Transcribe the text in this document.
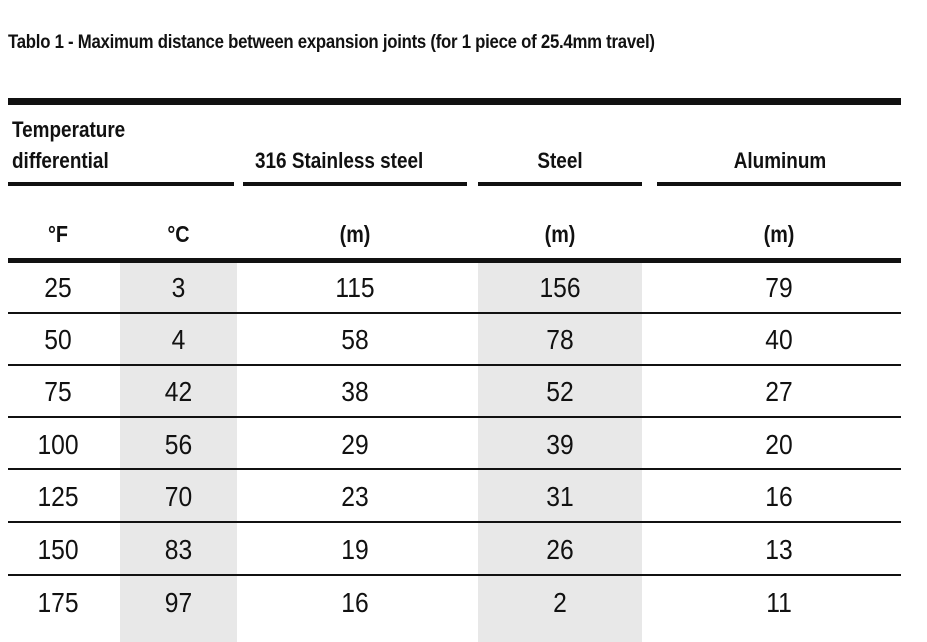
Tablo 1 - Maximum distance between expansion joints (for 1 piece of 25.4mm travel)
Temperature
differential	316 Stainless steel	Steel	Aluminum
°F	°C	(m)	(m)	(m)
25	3	115	156	79
50	4	58	78	40
75	42	38	52	27
100	56	29	39	20
125	70	23	31	16
150	83	19	26	13
175	97	16	2	11
